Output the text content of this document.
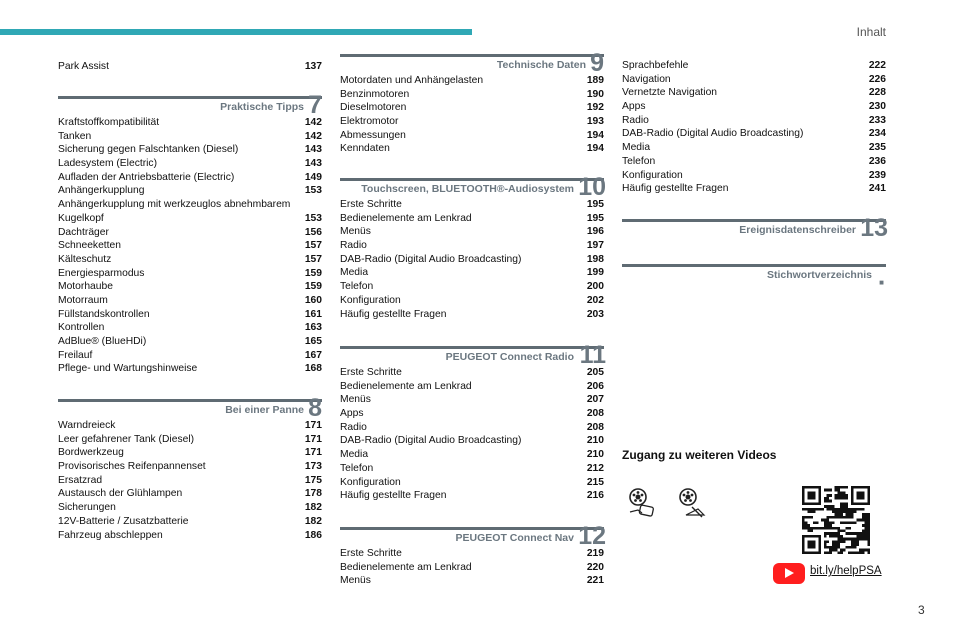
Inhalt
Park Assist	137
Praktische Tipps 7
Kraftstoffkompatibilität	142
Tanken	142
Sicherung gegen Falschtanken (Diesel)	143
Ladesystem (Electric)	143
Aufladen der Antriebsbatterie (Electric)	149
Anhängerkupplung	153
Anhängerkupplung mit werkzeuglos abnehmbarem
Kugelkopf	153
Dachträger	156
Schneeketten	157
Kälteschutz	157
Energiesparmodus	159
Motorhaube	159
Motorraum	160
Füllstandskontrollen	161
Kontrollen	163
AdBlue® (BlueHDi)	165
Freilauf	167
Pflege- und Wartungshinweise	168
Bei einer Panne 8
Warndreieck	171
Leer gefahrener Tank (Diesel)	171
Bordwerkzeug	171
Provisorisches Reifenpannenset	173
Ersatzrad	175
Austausch der Glühlampen	178
Sicherungen	182
12V-Batterie / Zusatzbatterie	182
Fahrzeug abschleppen	186
Technische Daten 9
Motordaten und Anhängelasten	189
Benzinmotoren	190
Dieselmotoren	192
Elektromotor	193
Abmessungen	194
Kenndaten	194
Touchscreen, BLUETOOTH®-Audiosystem 10
Erste Schritte	195
Bedienelemente am Lenkrad	195
Menüs	196
Radio	197
DAB-Radio (Digital Audio Broadcasting)	198
Media	199
Telefon	200
Konfiguration	202
Häufig gestellte Fragen	203
PEUGEOT Connect Radio 11
Erste Schritte	205
Bedienelemente am Lenkrad	206
Menüs	207
Apps	208
Radio	208
DAB-Radio (Digital Audio Broadcasting)	210
Media	210
Telefon	212
Konfiguration	215
Häufig gestellte Fragen	216
PEUGEOT Connect Nav 12
Erste Schritte	219
Bedienelemente am Lenkrad	220
Menüs	221
Sprachbefehle	222
Navigation	226
Vernetzte Navigation	228
Apps	230
Radio	233
DAB-Radio (Digital Audio Broadcasting)	234
Media	235
Telefon	236
Konfiguration	239
Häufig gestellte Fragen	241
Ereignisdatenschreiber 13
Stichwortverzeichnis
■
Zugang zu weiteren Videos
bit.ly/helpPSA
3
